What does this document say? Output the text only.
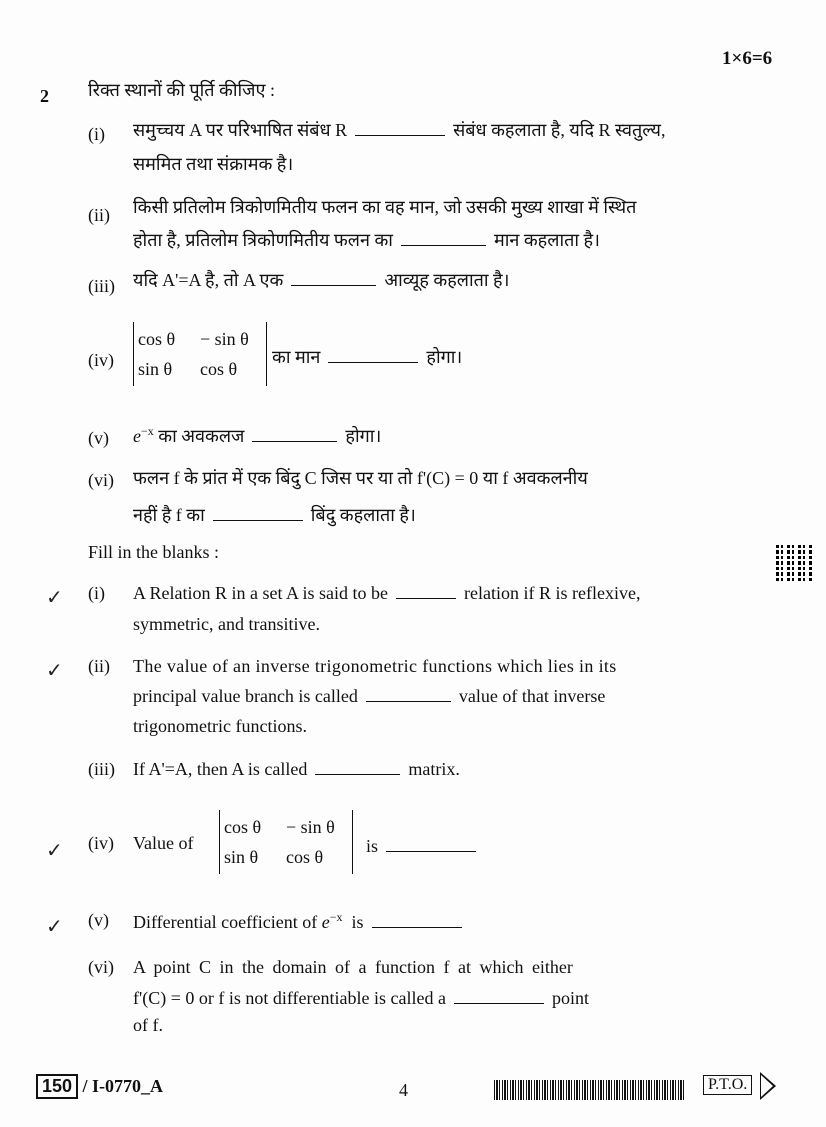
1×6=6
2 रिक्त स्थानों की पूर्ति कीजिए :
(i) समुच्चय A पर परिभाषित संबंध R	संबंध कहलाता है, यदि R स्वतुल्य,
सममित तथा संक्रामक है।
(ii) किसी प्रतिलोम त्रिकोणमितीय फलन का वह मान, जो उसकी मुख्य शाखा में स्थित
होता है, प्रतिलोम त्रिकोणमितीय फलन का	मान कहलाता है।
(iii) यदि A'=A है, तो A एक	आव्यूह कहलाता है।
(iv)
cos θ − sin θ
sin θ cos θ
का मान	होगा।
(v) $e^{-x}$ का अवकलज	होगा।
(vi) फलन f के प्रांत में एक बिंदु C जिस पर या तो f'(C) = 0 या f अवकलनीय
नहीं है f का	बिंदु कहलाता है।
Fill in the blanks :
✓ (i) A Relation R in a set A is said to be	relation if R is reflexive,
symmetric, and transitive.
✓ (ii) The value of an inverse trigonometric functions which lies in its
principal value branch is called	value of that inverse
trigonometric functions.
(iii) If A'=A, then A is called	matrix.
✓ (iv) Value of
cos θ − sin θ
sin θ cos θ
is
✓ (v) Differential coefficient of $e^{-x}$ is
(vi) A point C in the domain of a function f at which either
f'(C) = 0 or f is not differentiable is called a	point
of f.
150 / I-0770_A	4	P.T.O.
